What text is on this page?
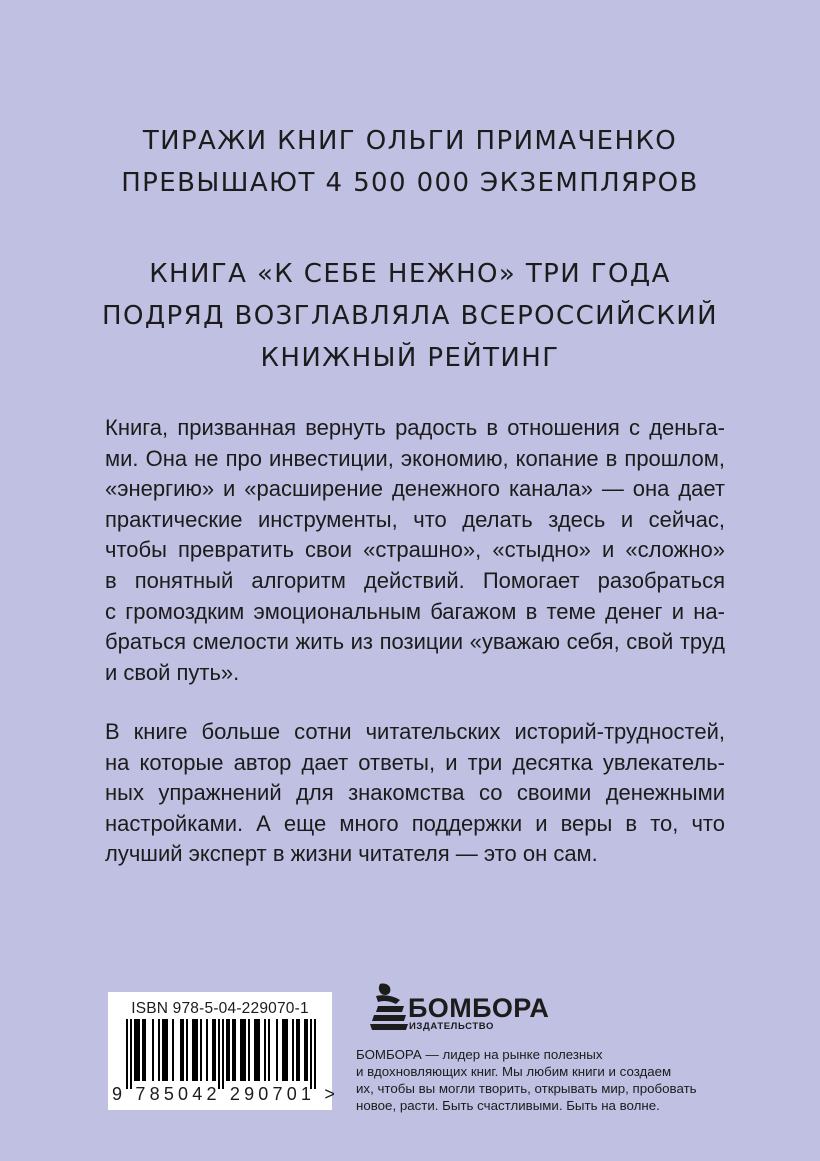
ТИРАЖИ КНИГ ОЛЬГИ ПРИМАЧЕНКО
ПРЕВЫШАЮТ 4 500 000 ЭКЗЕМПЛЯРОВ
КНИГА «К СЕБЕ НЕЖНО» ТРИ ГОДА
ПОДРЯД ВОЗГЛАВЛЯЛА ВСЕРОССИЙСКИЙ
КНИЖНЫЙ РЕЙТИНГ
Книга, призванная вернуть радость в отношения с деньга-
ми. Она не про инвестиции, экономию, копание в прошлом,
«энергию» и «расширение денежного канала» — она дает
практические инструменты, что делать здесь и сейчас,
чтобы превратить свои «страшно», «стыдно» и «сложно»
в понятный алгоритм действий. Помогает разобраться
с громоздким эмоциональным багажом в теме денег и на-
браться смелости жить из позиции «уважаю себя, свой труд
и свой путь».
В книге больше сотни читательских историй-трудностей,
на которые автор дает ответы, и три десятка увлекатель-
ных упражнений для знакомства со своими денежными
настройками. А еще много поддержки и веры в то, что
лучший эксперт в жизни читателя — это он сам.
ISBN 978-5-04-229070-1
9 785042 290701 >
БОМБОРА
ИЗДАТЕЛЬСТВО
БОМБОРА — лидер на рынке полезных
и вдохновляющих книг. Мы любим книги и создаем
их, чтобы вы могли творить, открывать мир, пробовать
новое, расти. Быть счастливыми. Быть на волне.
